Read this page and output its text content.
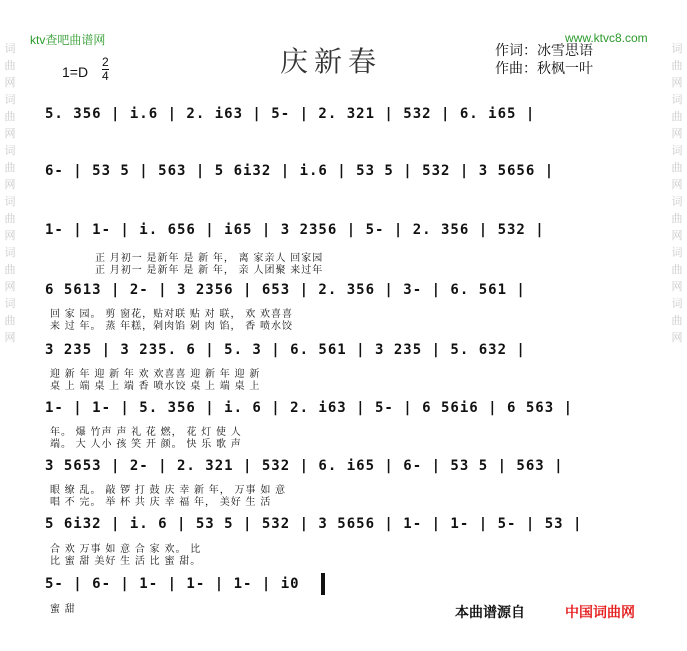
ktv查吧曲谱网	www.ktvc8.com
词
曲
网
词
曲
网
词
曲
网
词
曲
网
词
曲
网
词
曲
网
词
曲
网
词
曲
网
词
曲
网
词
曲
网
词
曲
网
词
曲
网
庆新春	作词：冰雪思语
作曲：秋枫一叶
1=D
2
4
5. 356 | i.6 | 2. i63 | 5- | 2. 321 | 532 | 6. i65 |
6- | 53 5 | 563 | 5 6i32 | i.6 | 53 5 | 532 | 3 5656 |
1- | 1- | i. 656 | i65 | 3 2356 | 5- | 2. 356 | 532 |
正 月初一 是新年 是 新 年， 离 家亲人 回家园
正 月初一 是新年 是 新 年， 亲 人团聚 来过年
6 5613 | 2- | 3 2356 | 653 | 2. 356 | 3- | 6. 561 |
回 家 园。 剪 窗花，贴对联 贴 对 联， 欢 欢喜喜
来 过 年。 蒸 年糕，剁肉馅 剁 肉 馅， 香 喷水饺
3 235 | 3 235. 6 | 5. 3 | 6. 561 | 3 235 | 5. 632 |
迎 新 年 迎 新 年 欢 欢喜喜 迎 新 年 迎 新
桌 上 端 桌 上 端 香 喷水饺 桌 上 端 桌 上
1- | 1- | 5. 356 | i. 6 | 2. i63 | 5- | 6 56i6 | 6 563 |
年。 爆 竹声 声 礼 花 燃， 花 灯 使 人
端。 大 人小 孩 笑 开 颜。 快 乐 歌 声
3 5653 | 2- | 2. 321 | 532 | 6. i65 | 6- | 53 5 | 563 |
眼 缭 乱。 敲 锣 打 鼓 庆 幸 新 年， 万事 如 意
唱 不 完。 举 杯 共 庆 幸 福 年， 美好 生 活
5 6i32 | i. 6 | 53 5 | 532 | 3 5656 | 1- | 1- | 5- | 53 |
合 欢 万事 如 意 合 家 欢。 比
比 蜜 甜 美好 生 活 比 蜜 甜。
5- | 6- | 1- | 1- | 1- | i0
蜜 甜	本曲谱源自	中国词曲网
